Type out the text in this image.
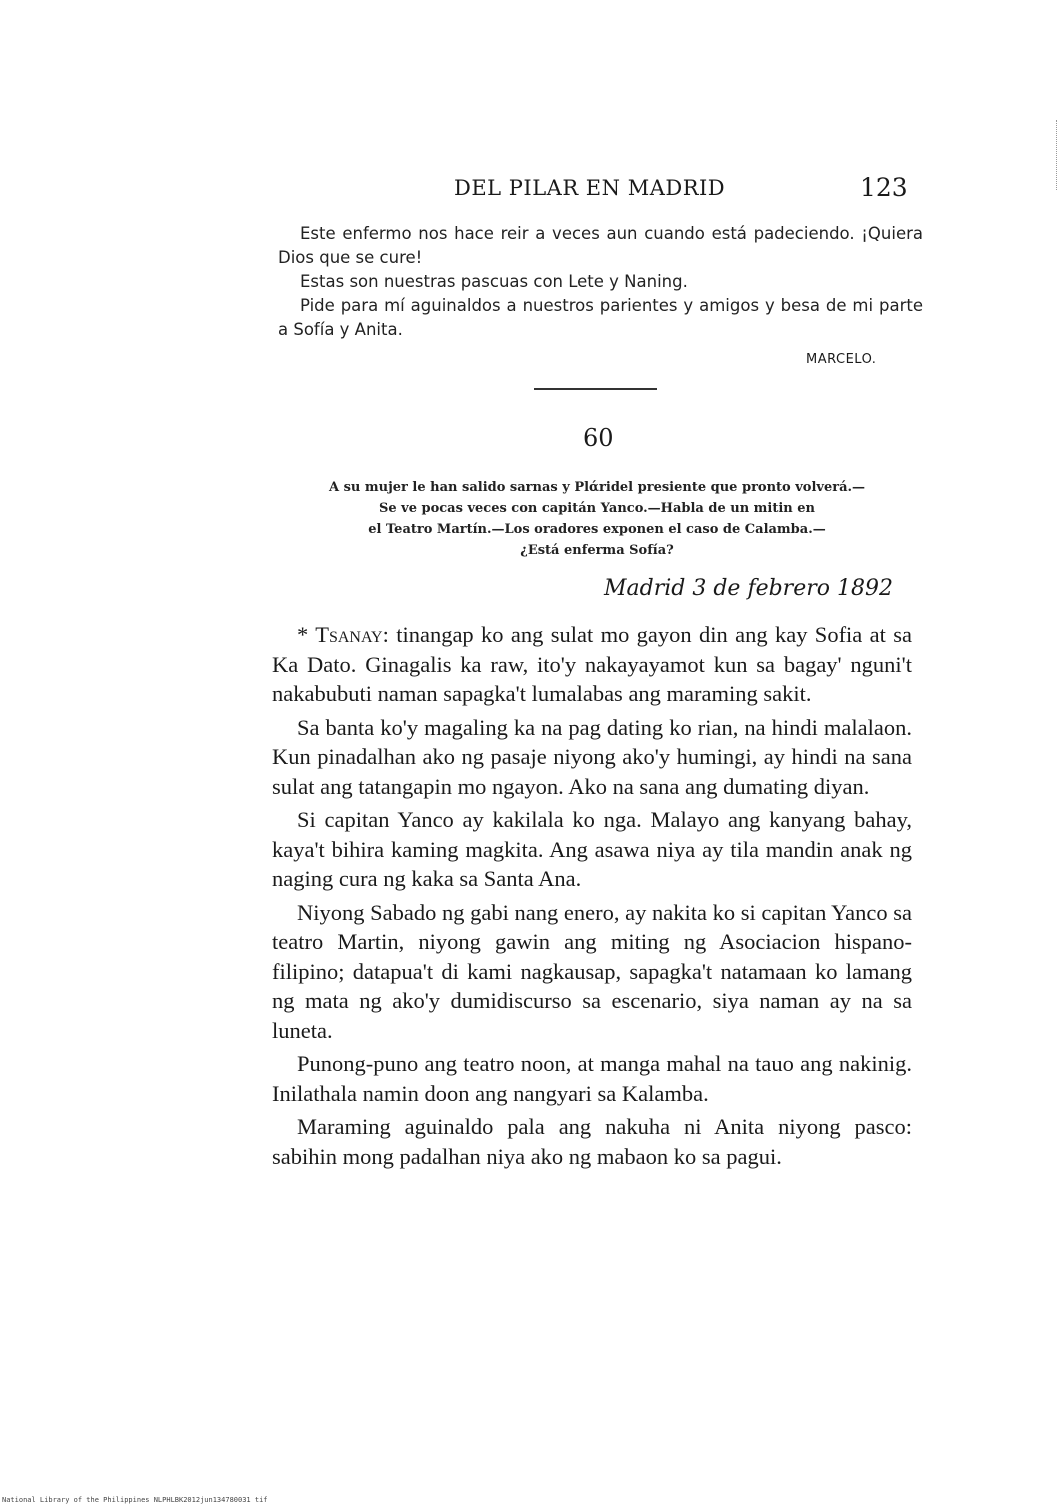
DEL PILAR EN MADRID	123

Este enfermo nos hace reir a veces aun cuando está padeciendo. ¡Quiera Dios que se cure!

Estas son nuestras pascuas con Lete y Naning.

Pide para mí aguinaldos a nuestros parientes y amigos y besa de mi parte a Sofía y Anita.

MARCELO.
60
A su mujer le han salido sarnas y Plάridel presiente que pronto volverá.—
Se ve pocas veces con capitán Yanco.—Habla de un mitin en
el Teatro Martín.—Los oradores exponen el caso de Calamba.—
¿Está enferma Sofía?
Madrid 3 de febrero 1892

* Tsanay: tinangap ko ang sulat mo gayon din ang kay Sofia at sa Ka Dato. Ginagalis ka raw, ito'y nakayayamot kun sa bagay' nguni't nakabubuti naman sapagka't lumalabas ang maraming sakit.

Sa banta ko'y magaling ka na pag dating ko rian, na hindi malalaon. Kun pinadalhan ako ng pasaje niyong ako'y humingi, ay hindi na sana sulat ang tatangapin mo ngayon. Ako na sana ang dumating diyan.

Si capitan Yanco ay kakilala ko nga. Malayo ang kanyang bahay, kaya't bihira kaming magkita. Ang asawa niya ay tila mandin anak ng naging cura ng kaka sa Santa Ana.

Niyong Sabado ng gabi nang enero, ay nakita ko si capitan Yanco sa teatro Martin, niyong gawin ang miting ng Asociacion hispano-filipino; datapua't di kami nagkausap, sapagka't natamaan ko lamang ng mata ng ako'y dumidiscurso sa escenario, siya naman ay na sa luneta.

Punong-puno ang teatro noon, at manga mahal na tauo ang nakinig. Inilathala namin doon ang nangyari sa Kalamba.

Maraming aguinaldo pala ang nakuha ni Anita niyong pasco: sabihin mong padalhan niya ako ng mabaon ko sa pagui.

National Library of the Philippines NLPHLBK2012jun134780031 tif
